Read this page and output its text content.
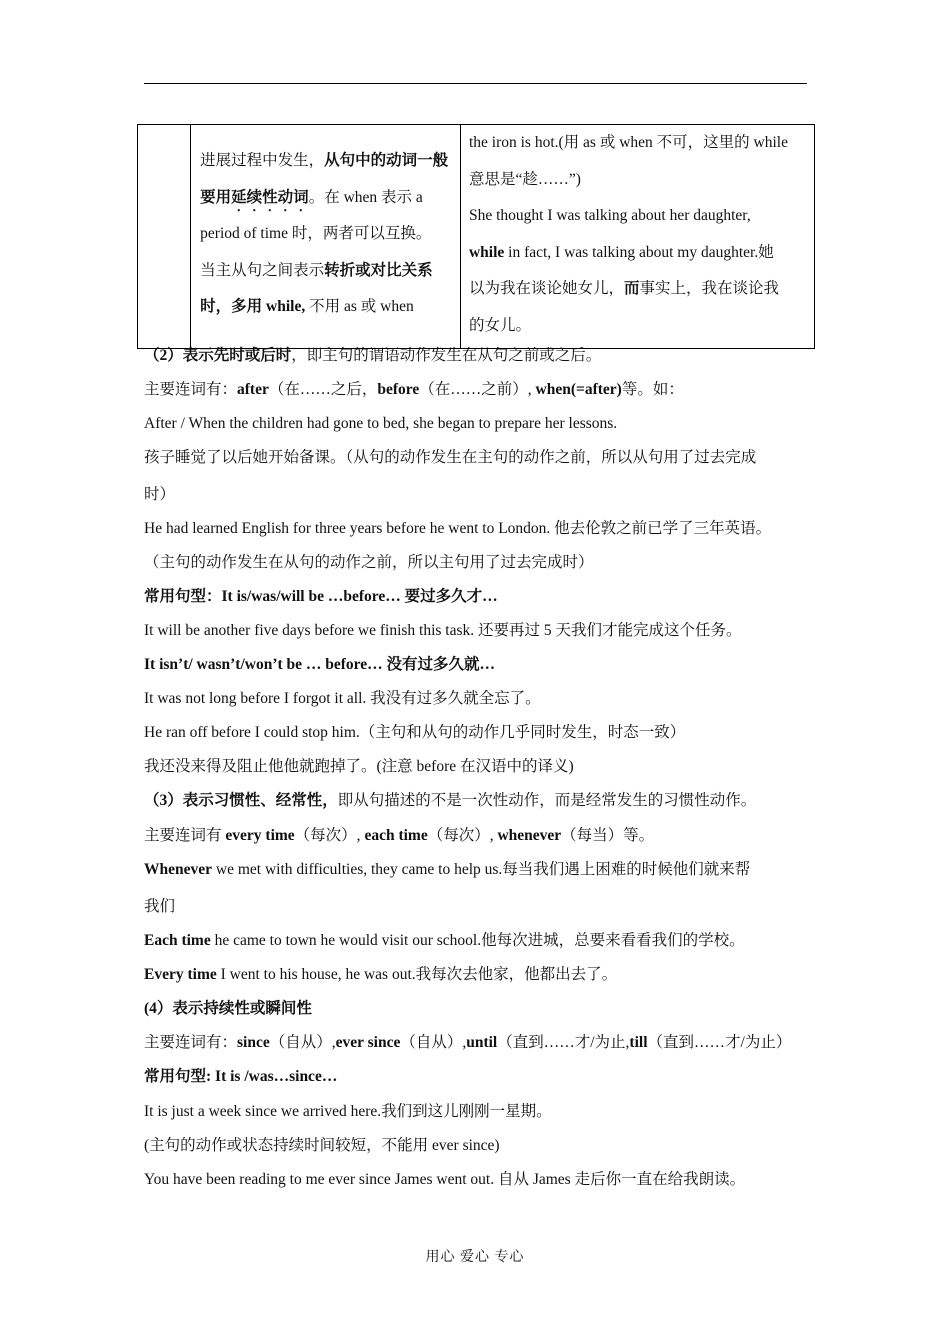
进展过程中发生，从句中的动词一般要用延续性动词。在 when 表示 a period of time 时，两者可以互换。
当主从句之间表示转折或对比关系时，多用 while, 不用 as 或 when

the iron is hot.(用 as 或 when 不可，这里的 while
意思是“趁……”)
She thought I was talking about her daughter,
while in fact, I was talking about my daughter.她
以为我在谈论她女儿，而事实上，我在谈论我
的女儿。
（2）表示先时或后时，即主句的谓语动作发生在从句之前或之后。
主要连词有：after（在……之后，before（在……之前）, when(=after)等。如：
After / When the children had gone to bed, she began to prepare her lessons.
孩子睡觉了以后她开始备课。（从句的动作发生在主句的动作之前，所以从句用了过去完成
时）
He had learned English for three years before he went to London. 他去伦敦之前已学了三年英语。
（主句的动作发生在从句的动作之前，所以主句用了过去完成时）
常用句型：It is/was/will be …before… 要过多久才…
It will be another five days before we finish this task. 还要再过 5 天我们才能完成这个任务。
It isn’t/ wasn’t/won’t be … before… 没有过多久就…
It was not long before I forgot it all. 我没有过多久就全忘了。
He ran off before I could stop him.（主句和从句的动作几乎同时发生，时态一致）
我还没来得及阻止他他就跑掉了。(注意 before 在汉语中的译义)
（3）表示习惯性、经常性，即从句描述的不是一次性动作，而是经常发生的习惯性动作。
主要连词有 every time（每次）, each time（每次）, whenever（每当）等。
Whenever we met with difficulties, they came to help us.每当我们遇上困难的时候他们就来帮
我们
Each time he came to town he would visit our school.他每次进城，总要来看看我们的学校。
Every time I went to his house, he was out.我每次去他家，他都出去了。
(4）表示持续性或瞬间性
主要连词有：since（自从）,ever since（自从）,until（直到……才/为止,till（直到……才/为止）
常用句型: It is /was…since…
It is just a week since we arrived here.我们到这儿刚刚一星期。
(主句的动作或状态持续时间较短，不能用 ever since)
You have been reading to me ever since James went out. 自从 James 走后你一直在给我朗读。
用心 爱心 专心
